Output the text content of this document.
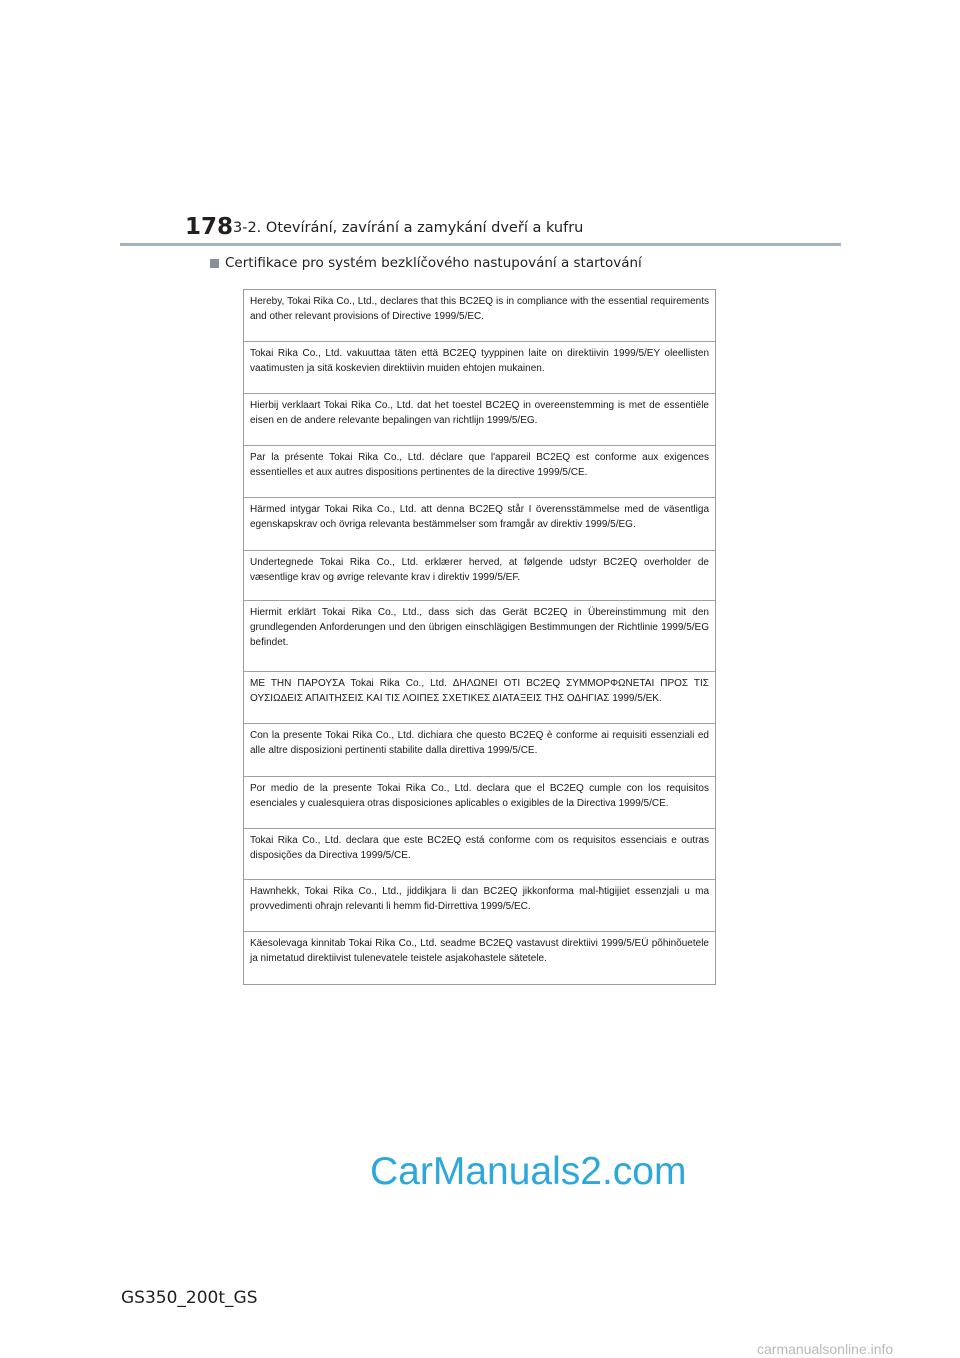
178 3-2. Otevírání, zavírání a zamykání dveří a kufru
Certifikace pro systém bezklíčového nastupování a startování
Hereby, Tokai Rika Co., Ltd., declares that this BC2EQ is in compliance with the essential requirements and other relevant provisions of Directive 1999/5/EC.
Tokai Rika Co., Ltd. vakuuttaa täten että BC2EQ tyyppinen laite on direktiivin 1999/5/EY oleellisten vaatimusten ja sitä koskevien direktiivin muiden ehtojen mukainen.
Hierbij verklaart Tokai Rika Co., Ltd. dat het toestel BC2EQ in overeenstemming is met de essentiële eisen en de andere relevante bepalingen van richtlijn 1999/5/EG.
Par la présente Tokai Rika Co., Ltd. déclare que l'appareil BC2EQ est conforme aux exigences essentielles et aux autres dispositions pertinentes de la directive 1999/5/CE.
Härmed intygar Tokai Rika Co., Ltd. att denna BC2EQ står I överensstämmelse med de väsentliga egenskapskrav och övriga relevanta bestämmelser som framgår av direktiv 1999/5/EG.
Undertegnede Tokai Rika Co., Ltd. erklærer herved, at følgende udstyr BC2EQ overholder de væsentlige krav og øvrige relevante krav i direktiv 1999/5/EF.
Hiermit erklärt Tokai Rika Co., Ltd., dass sich das Gerät BC2EQ in Übereinstimmung mit den grundlegenden Anforderungen und den übrigen einschlägigen Bestimmungen der Richtlinie 1999/5/EG befindet.
ΜΕ ΤΗΝ ΠΑΡΟΥΣΑ Tokai Rika Co., Ltd. ΔΗΛΩΝΕΙ ΟΤΙ BC2EQ ΣΥΜΜΟΡΦΩΝΕΤΑΙ ΠΡΟΣ ΤΙΣ ΟΥΣΙΩΔΕΙΣ ΑΠΑΙΤΗΣΕΙΣ ΚΑΙ ΤΙΣ ΛΟΙΠΕΣ ΣΧΕΤΙΚΕΣ ΔΙΑΤΑΞΕΙΣ ΤΗΣ ΟΔΗΓΙΑΣ 1999/5/ΕΚ.
Con la presente Tokai Rika Co., Ltd. dichiara che questo BC2EQ è conforme ai requisiti essenziali ed alle altre disposizioni pertinenti stabilite dalla direttiva 1999/5/CE.
Por medio de la presente Tokai Rika Co., Ltd. declara que el BC2EQ cumple con los requisitos esenciales y cualesquiera otras disposiciones aplicables o exigibles de la Directiva 1999/5/CE.
Tokai Rika Co., Ltd. declara que este BC2EQ está conforme com os requisitos essenciais e outras disposições da Directiva 1999/5/CE.
Hawnhekk, Tokai Rika Co., Ltd., jiddikjara li dan BC2EQ jikkonforma mal-ħtigijiet essenzjali u ma provvedimenti oħrajn relevanti li hemm fid-Dirrettiva 1999/5/EC.
Käesolevaga kinnitab Tokai Rika Co., Ltd. seadme BC2EQ vastavust direktiivi 1999/5/EÜ põhinõuetele ja nimetatud direktiivist tulenevatele teistele asjakohastele sätetele.
CarManuals2.com
GS350_200t_GS
carmanualsonline.info
